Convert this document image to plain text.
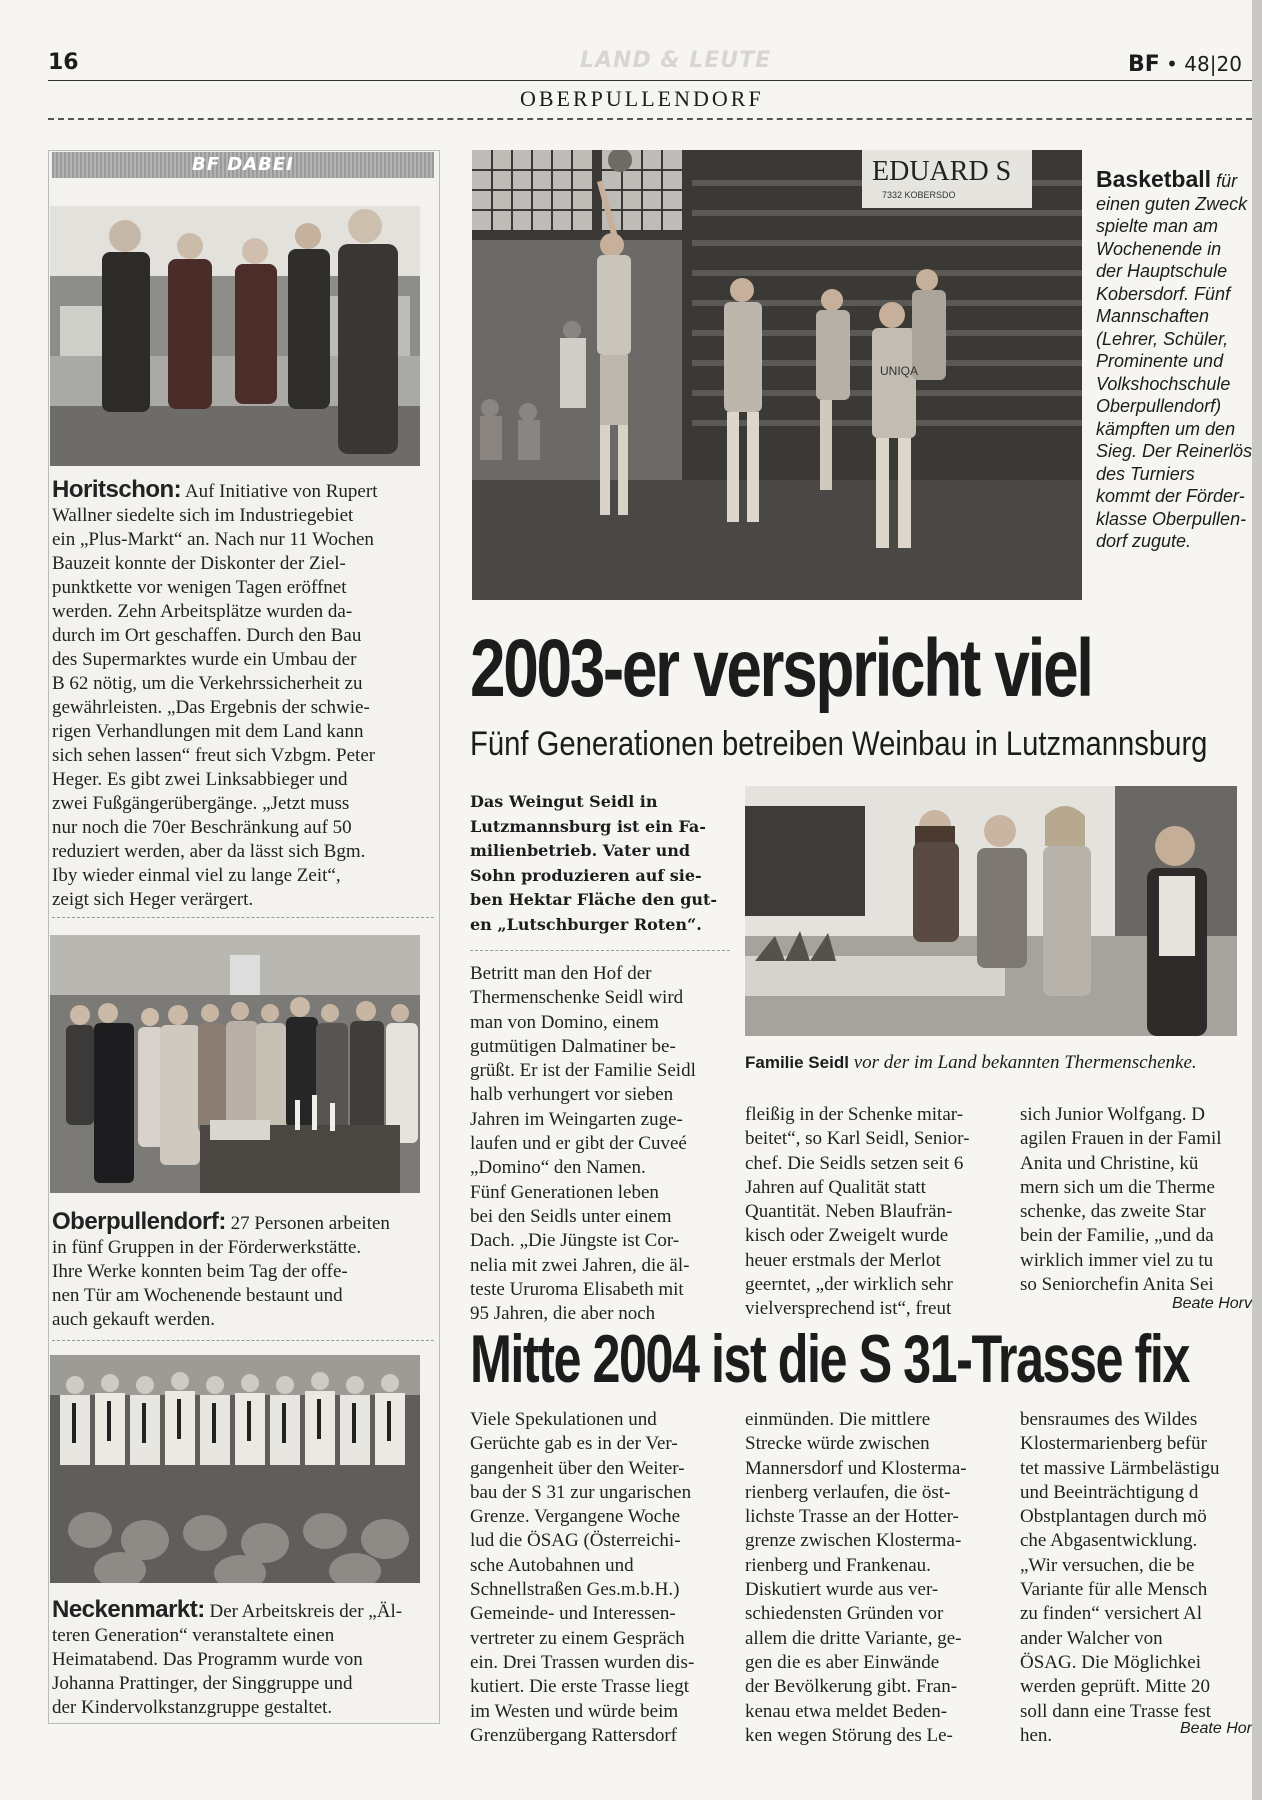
16	LAND & LEUTE	BF • 48|20
OBERPULLENDORF
BF DABEI
Horitschon: Auf Initiative von Rupert
Wallner siedelte sich im Industriegebiet
ein „Plus-Markt“ an. Nach nur 11 Wochen
Bauzeit konnte der Diskonter der Ziel-
punktkette vor wenigen Tagen eröffnet
werden. Zehn Arbeitsplätze wurden da-
durch im Ort geschaffen. Durch den Bau
des Supermarktes wurde ein Umbau der
B 62 nötig, um die Verkehrssicherheit zu
gewährleisten. „Das Ergebnis der schwie-
rigen Verhandlungen mit dem Land kann
sich sehen lassen“ freut sich Vzbgm. Peter
Heger. Es gibt zwei Linksabbieger und
zwei Fußgängerübergänge. „Jetzt muss
nur noch die 70er Beschränkung auf 50
reduziert werden, aber da lässt sich Bgm.
Iby wieder einmal viel zu lange Zeit“,
zeigt sich Heger verärgert.
Oberpullendorf: 27 Personen arbeiten
in fünf Gruppen in der Förderwerkstätte.
Ihre Werke konnten beim Tag der offe-
nen Tür am Wochenende bestaunt und
auch gekauft werden.
Neckenmarkt: Der Arbeitskreis der „Äl-
teren Generation“ veranstaltete einen
Heimatabend. Das Programm wurde von
Johanna Prattinger, der Singgruppe und
der Kindervolkstanzgruppe gestaltet.
EDUARD S
7332 KOBERSDO
UNIQA
Basketball für
einen guten Zweck
spielte man am
Wochenende in
der Hauptschule
Kobersdorf. Fünf
Mannschaften
(Lehrer, Schüler,
Prominente und
Volkshochschule
Oberpullendorf)
kämpften um den
Sieg. Der Reinerlös
des Turniers
kommt der Förder-
klasse Oberpullen-
dorf zugute.
2003-er verspricht viel
Fünf Generationen betreiben Weinbau in Lutzmannsburg
Das Weingut Seidl in
Lutzmannsburg ist ein Fa-
milienbetrieb. Vater und
Sohn produzieren auf sie-
ben Hektar Fläche den gut-
en „Lutschburger Roten“.
Familie Seidl vor der im Land bekannten Thermenschenke.
Betritt man den Hof der
Thermenschenke Seidl wird
man von Domino, einem
gutmütigen Dalmatiner be-
grüßt. Er ist der Familie Seidl
halb verhungert vor sieben
Jahren im Weingarten zuge-
laufen und er gibt der Cuveé
„Domino“ den Namen.
Fünf Generationen leben
bei den Seidls unter einem
Dach. „Die Jüngste ist Cor-
nelia mit zwei Jahren, die äl-
teste Ururoma Elisabeth mit
95 Jahren, die aber noch
fleißig in der Schenke mitar-
beitet“, so Karl Seidl, Senior-
chef. Die Seidls setzen seit 6
Jahren auf Qualität statt
Quantität. Neben Blaufrän-
kisch oder Zweigelt wurde
heuer erstmals der Merlot
geerntet, „der wirklich sehr
vielversprechend ist“, freut
sich Junior Wolfgang. D
agilen Frauen in der Famil
Anita und Christine, kü
mern sich um die Therme
schenke, das zweite Star
bein der Familie, „und da
wirklich immer viel zu tu
so Seniorchefin Anita Sei
Beate Horv
Mitte 2004 ist die S 31-Trasse fix
Viele Spekulationen und
Gerüchte gab es in der Ver-
gangenheit über den Weiter-
bau der S 31 zur ungarischen
Grenze. Vergangene Woche
lud die ÖSAG (Österreichi-
sche Autobahnen und
Schnellstraßen Ges.m.b.H.)
Gemeinde- und Interessen-
vertreter zu einem Gespräch
ein. Drei Trassen wurden dis-
kutiert. Die erste Trasse liegt
im Westen und würde beim
Grenzübergang Rattersdorf
einmünden. Die mittlere
Strecke würde zwischen
Mannersdorf und Klosterma-
rienberg verlaufen, die öst-
lichste Trasse an der Hotter-
grenze zwischen Klosterma-
rienberg und Frankenau.
Diskutiert wurde aus ver-
schiedensten Gründen vor
allem die dritte Variante, ge-
gen die es aber Einwände
der Bevölkerung gibt. Fran-
kenau etwa meldet Beden-
ken wegen Störung des Le-
bensraumes des Wildes
Klostermarienberg befür
tet massive Lärmbelästigu
und Beeinträchtigung d
Obstplantagen durch mö
che Abgasentwicklung.
„Wir versuchen, die be
Variante für alle Mensch
zu finden“ versichert Al
ander Walcher von
ÖSAG. Die Möglichkei
werden geprüft. Mitte 20
soll dann eine Trasse fest
hen.	Beate Hor
